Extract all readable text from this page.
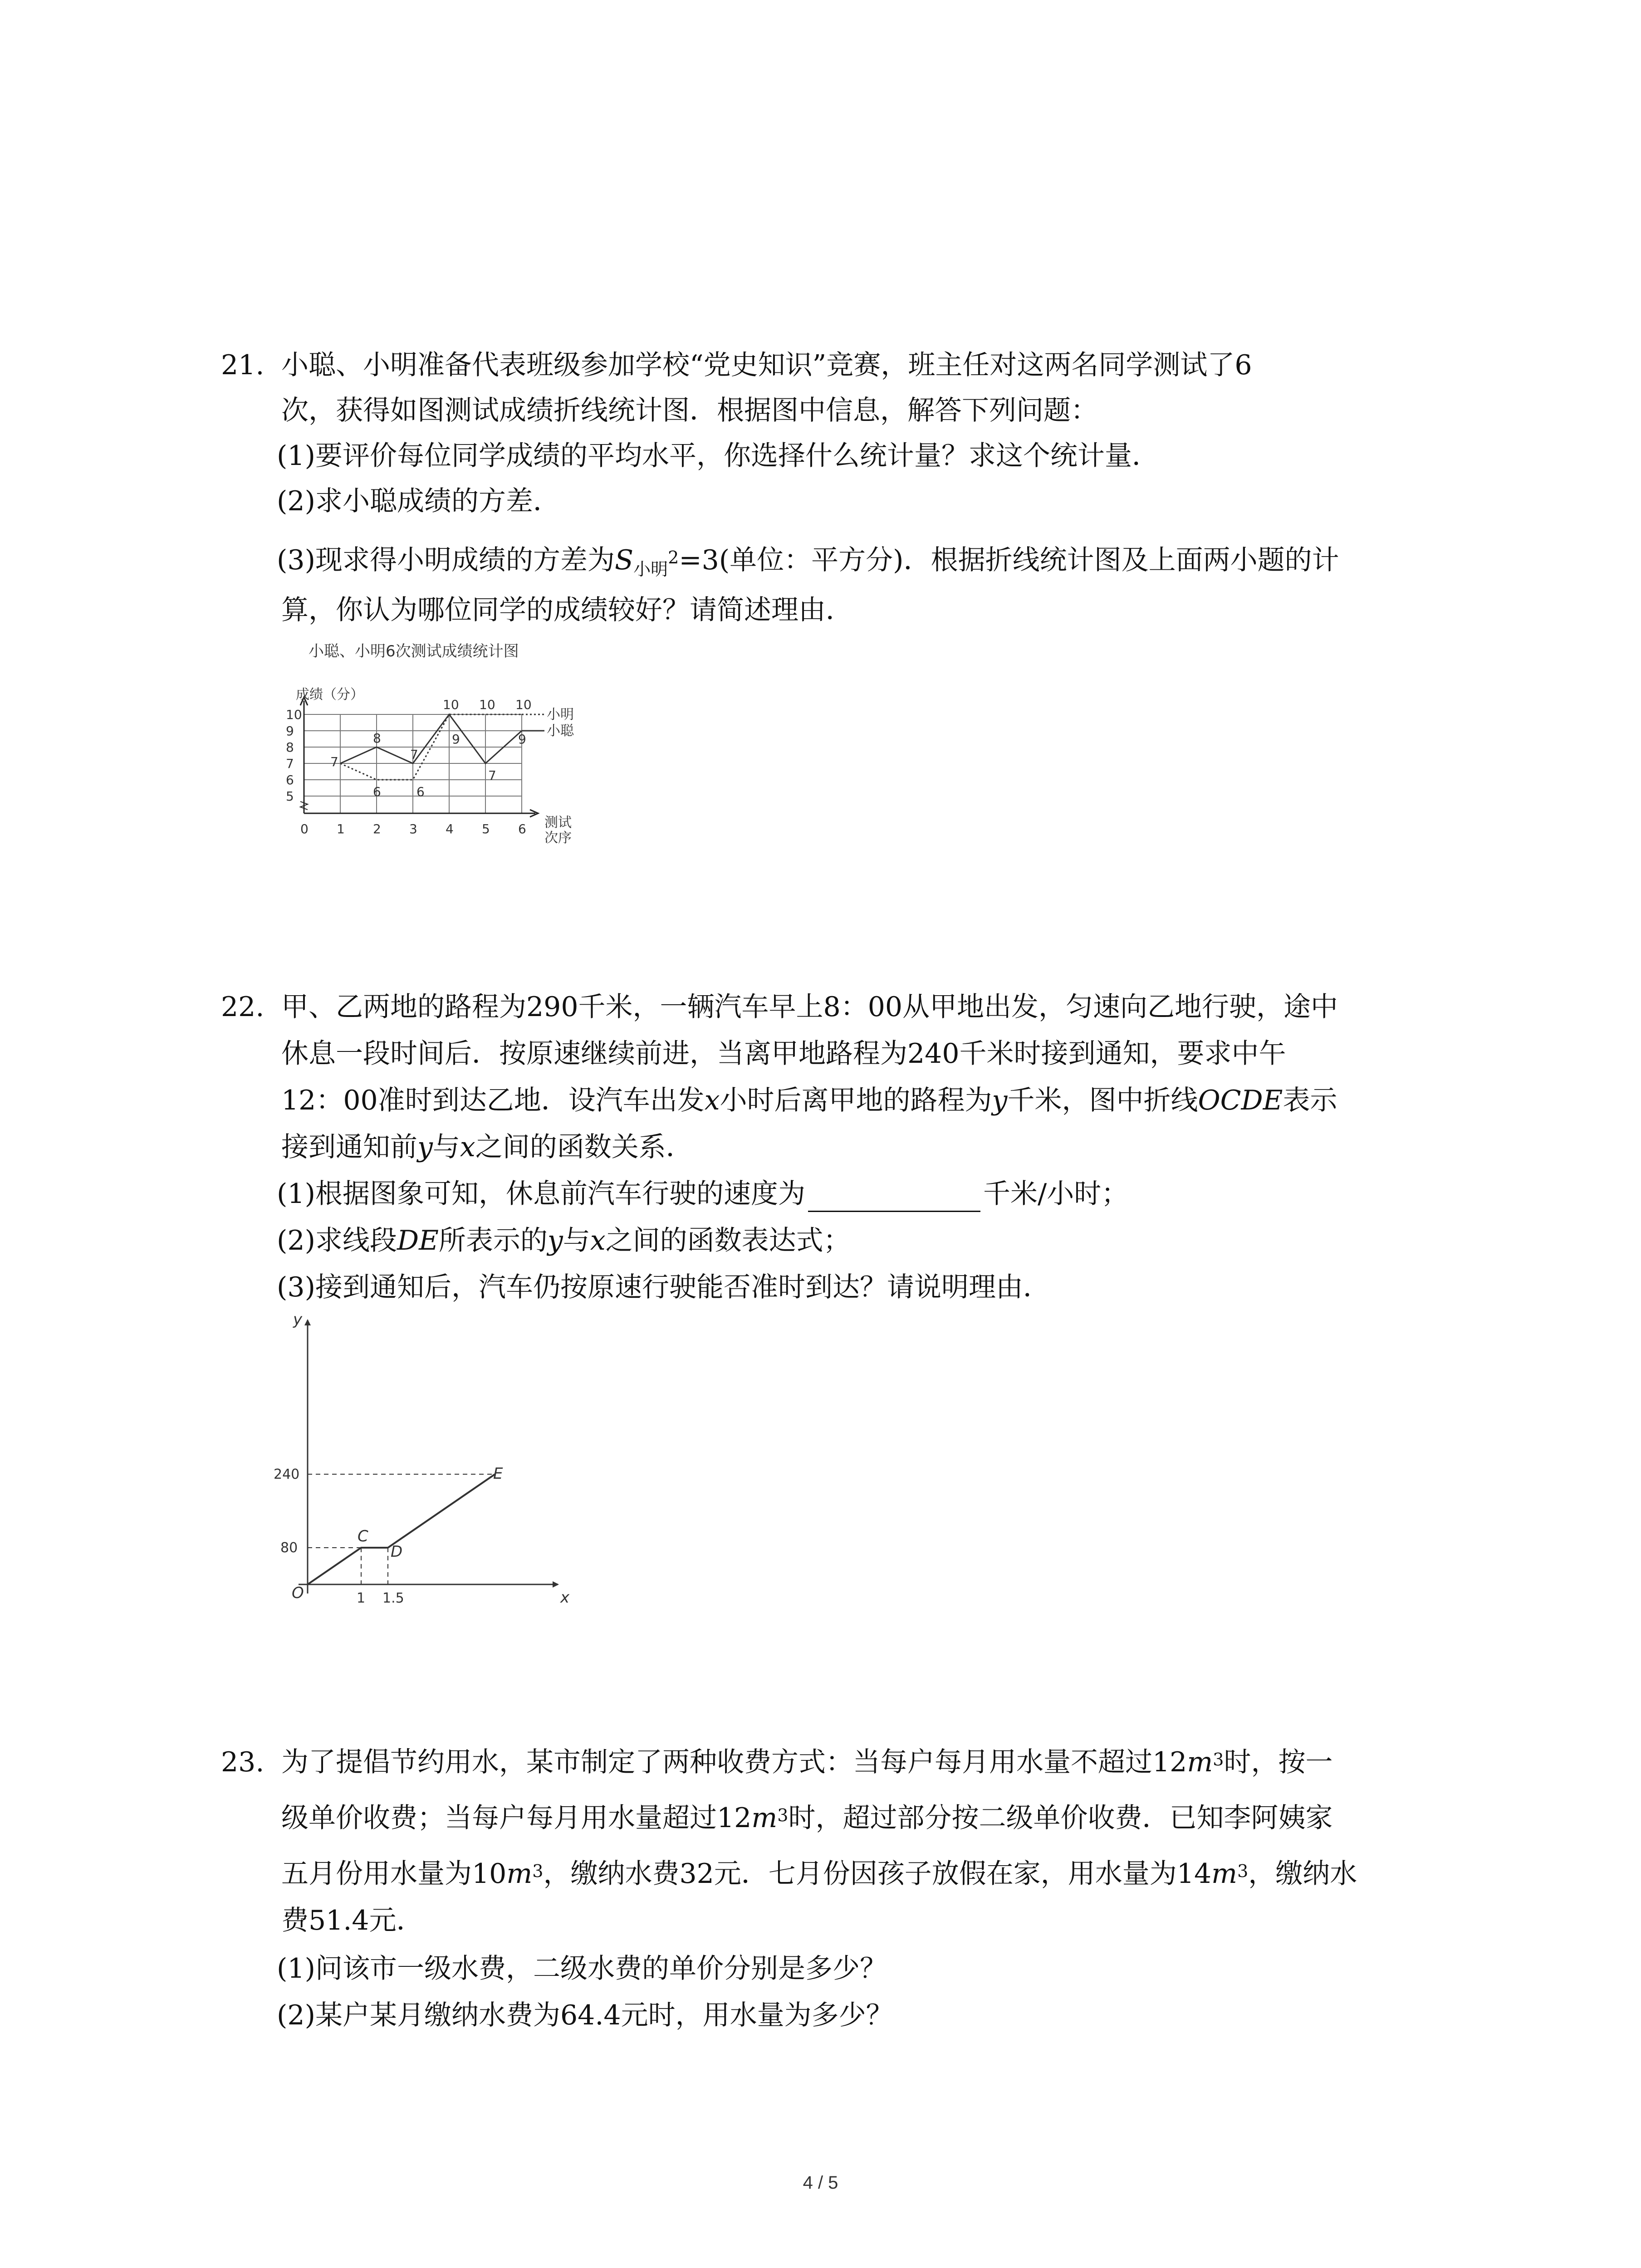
21. 小聪、小明准备代表班级参加学校“党史知识”竞赛，班主任对这两名同学测试了6
次，获得如图测试成绩折线统计图．根据图中信息，解答下列问题：
(1)要评价每位同学成绩的平均水平，你选择什么统计量？求这个统计量．
(2)求小聪成绩的方差．
(3)现求得小明成绩的方差为$S_{小明}^2=3$(单位：平方分)．根据折线统计图及上面两小题的计
算，你认为哪位同学的成绩较好？请简述理由．
小聪、小明6次测试成绩统计图
成绩（分）
测试 次序
5
6
7
8
9
10
0 1 2 3 4 5 6
7
8
6
7
6
10
9
10
7
10
9
小明
小聪
22. 甲、乙两地的路程为290千米，一辆汽车早上8：00从甲地出发，匀速向乙地行驶，途中
休息一段时间后．按原速继续前进，当离甲地路程为240千米时接到通知，要求中午
12：00准时到达乙地．设汽车出发x小时后离甲地的路程为y千米，图中折线OCDE表示
接到通知前y与x之间的函数关系．
(1)根据图象可知，休息前汽车行驶的速度为	千米/小时；
(2)求线段DE所表示的y与x之间的函数表达式；
(3)接到通知后，汽车仍按原速行驶能否准时到达？请说明理由．
240
80
1 1.5
O
C
D
E
x
y
23. 为了提倡节约用水，某市制定了两种收费方式：当每户每月用水量不超过$12m^3$时，按一
级单价收费；当每户每月用水量超过$12m^3$时，超过部分按二级单价收费．已知李阿姨家
五月份用水量为$10m^3$，缴纳水费32元．七月份因孩子放假在家，用水量为$14m^3$，缴纳水
费51.4元．
(1)问该市一级水费，二级水费的单价分别是多少？
(2)某户某月缴纳水费为64.4元时，用水量为多少？
4 / 5
